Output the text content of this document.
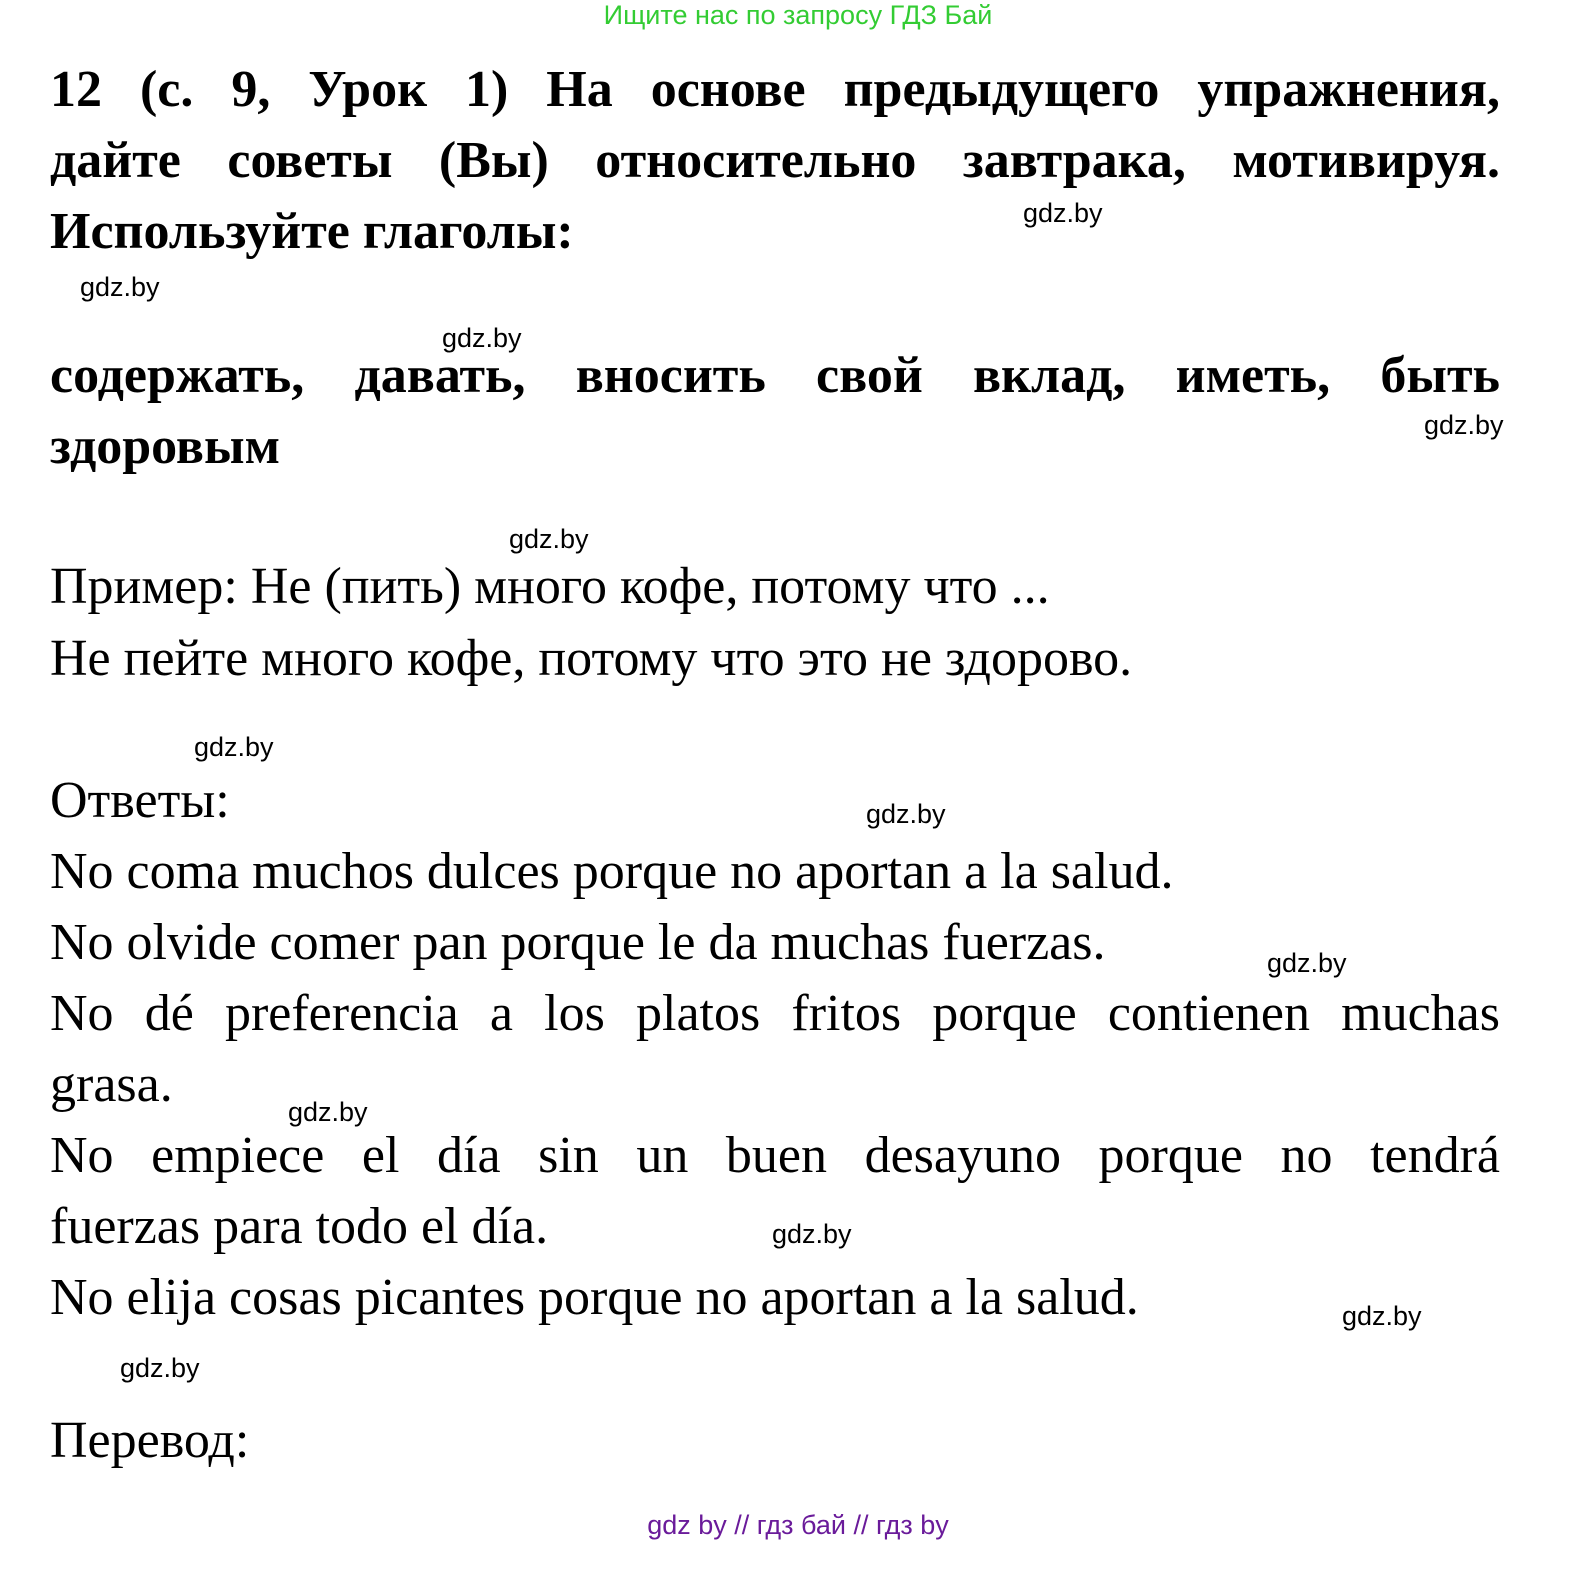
Ищите нас по запросу ГДЗ Бай
12 (с. 9, Урок 1) На основе предыдущего упражнения,
дайте советы (Вы) относительно завтрака, мотивируя.
Используйте глаголы:
содержать, давать, вносить свой вклад, иметь, быть
здоровым
Пример: Не (пить) много кофе, потому что ...
Не пейте много кофе, потому что это не здорово.
Ответы:
No coma muchos dulces porque no aportan a la salud.
No olvide comer pan porque le da muchas fuerzas.
No dé preferencia a los platos fritos porque contienen muchas
grasa.
No empiece el día sin un buen desayuno porque no tendrá
fuerzas para todo el día.
No elija cosas picantes porque no aportan a la salud.
Перевод:
gdz.by
gdz.by
gdz.by
gdz.by
gdz.by
gdz.by
gdz.by
gdz.by
gdz.by
gdz.by
gdz.by
gdz.by
gdz by // гдз бай // гдз by
